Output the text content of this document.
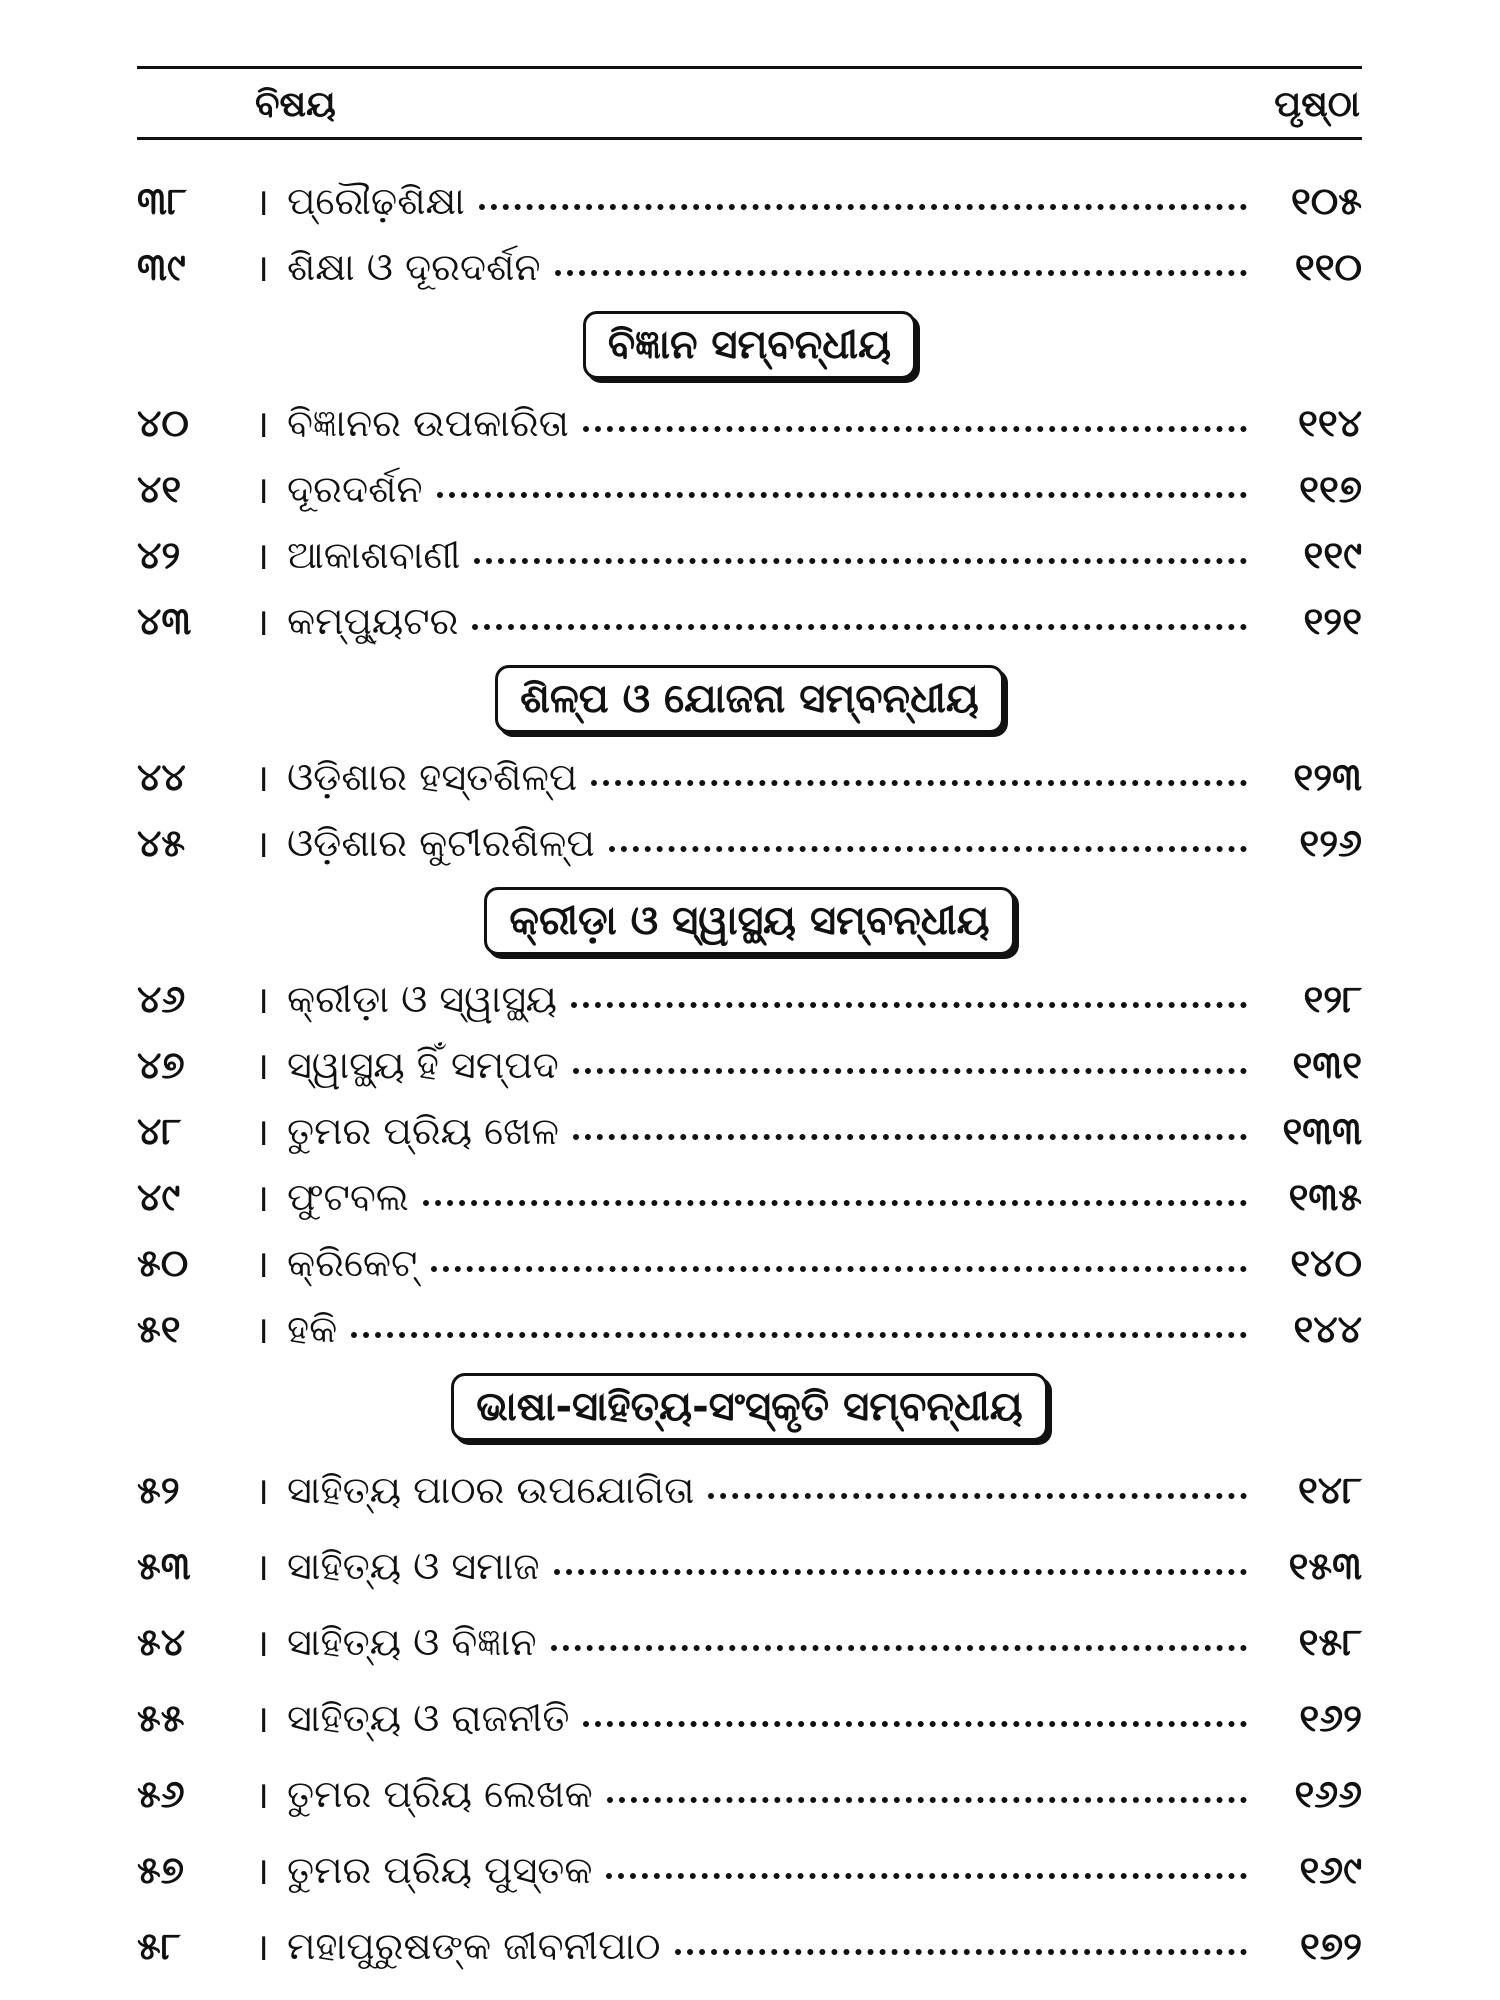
ବିଷୟ	ପୃଷ୍ଠା
୩୮	। ପ୍ରୌଢ଼ଶିକ୍ଷା	୧୦୫
୩୯	। ଶିକ୍ଷା ଓ ଦୂରଦର୍ଶନ	୧୧୦
ବିଜ୍ଞାନ ସମ୍ବନ୍ଧୀୟ
୪୦	। ବିଜ୍ଞାନର ଉପକାରିତା	୧୧୪
୪୧	। ଦୂରଦର୍ଶନ	୧୧୭
୪୨	। ଆକାଶବାଣୀ	୧୧୯
୪୩	। କମ୍ପ୍ୟୁଟର	୧୨୧
ଶିଳ୍ପ ଓ ଯୋଜନା ସମ୍ବନ୍ଧୀୟ
୪୪	। ଓଡ଼ିଶାର ହସ୍ତଶିଳ୍ପ	୧୨୩
୪୫	। ଓଡ଼ିଶାର କୁଟୀରଶିଳ୍ପ	୧୨୬
କ୍ରୀଡ଼ା ଓ ସ୍ୱାସ୍ଥ୍ୟ ସମ୍ବନ୍ଧୀୟ
୪୬	। କ୍ରୀଡ଼ା ଓ ସ୍ୱାସ୍ଥ୍ୟ	୧୨୮
୪୭	। ସ୍ୱାସ୍ଥ୍ୟ ହିଁ ସମ୍ପଦ	୧୩୧
୪୮	। ତୁମର ପ୍ରିୟ ଖେଳ	୧୩୩
୪୯	। ଫୁଟବଲ	୧୩୫
୫୦	। କ୍ରିକେଟ୍	୧୪୦
୫୧	। ହକି	୧୪୪
ଭାଷା-ସାହିତ୍ୟ-ସଂସ୍କୃତି ସମ୍ବନ୍ଧୀୟ
୫୨	। ସାହିତ୍ୟ ପାଠର ଉପଯୋଗିତା	୧୪୮
୫୩	। ସାହିତ୍ୟ ଓ ସମାଜ	୧୫୩
୫୪	। ସାହିତ୍ୟ ଓ ବିଜ୍ଞାନ	୧୫୮
୫୫	। ସାହିତ୍ୟ ଓ ରାଜନୀତି	୧୬୨
୫୬	। ତୁମର ପ୍ରିୟ ଲେଖକ	୧୬୬
୫୭	। ତୁମର ପ୍ରିୟ ପୁସ୍ତକ	୧୬୯
୫୮	। ମହାପୁରୁଷଙ୍କ ଜୀବନୀପାଠ	୧୭୨
